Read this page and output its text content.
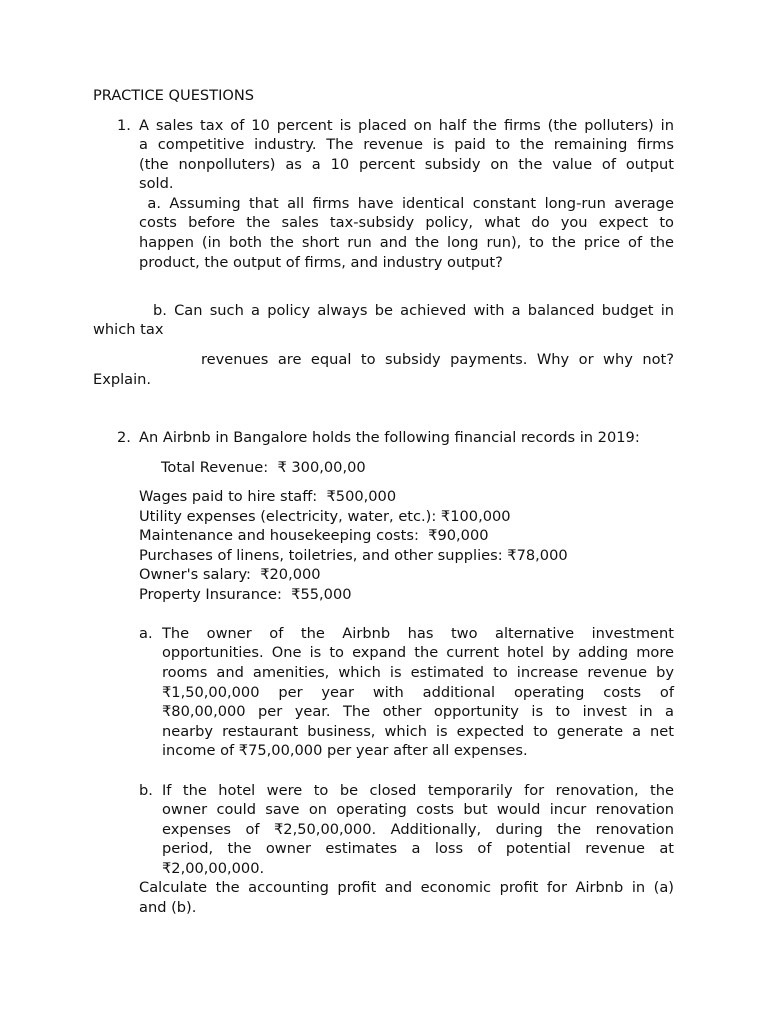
PRACTICE QUESTIONS
1. A sales tax of 10 percent is placed on half the firms (the polluters) in
a competitive industry. The revenue is paid to the remaining firms
(the nonpolluters) as a 10 percent subsidy on the value of output
sold.
a. Assuming that all firms have identical constant long-run average
costs before the sales tax-subsidy policy, what do you expect to
happen (in both the short run and the long run), to the price of the
product, the output of firms, and industry output?
b. Can such a policy always be achieved with a balanced budget in
which tax
revenues are equal to subsidy payments. Why or why not?
Explain.
2. An Airbnb in Bangalore holds the following financial records in 2019:
Total Revenue:  ₹ 300,00,00
Wages paid to hire staff:  ₹500,000
Utility expenses (electricity, water, etc.): ₹100,000
Maintenance and housekeeping costs:  ₹90,000
Purchases of linens, toiletries, and other supplies: ₹78,000
Owner's salary:  ₹20,000
Property Insurance:  ₹55,000
a. The owner of the Airbnb has two alternative investment
opportunities. One is to expand the current hotel by adding more
rooms and amenities, which is estimated to increase revenue by
₹1,50,00,000 per year with additional operating costs of
₹80,00,000 per year. The other opportunity is to invest in a
nearby restaurant business, which is expected to generate a net
income of ₹75,00,000 per year after all expenses.
b. If the hotel were to be closed temporarily for renovation, the
owner could save on operating costs but would incur renovation
expenses of ₹2,50,00,000. Additionally, during the renovation
period, the owner estimates a loss of potential revenue at
₹2,00,00,000.
Calculate the accounting profit and economic profit for Airbnb in (a)
and (b).
